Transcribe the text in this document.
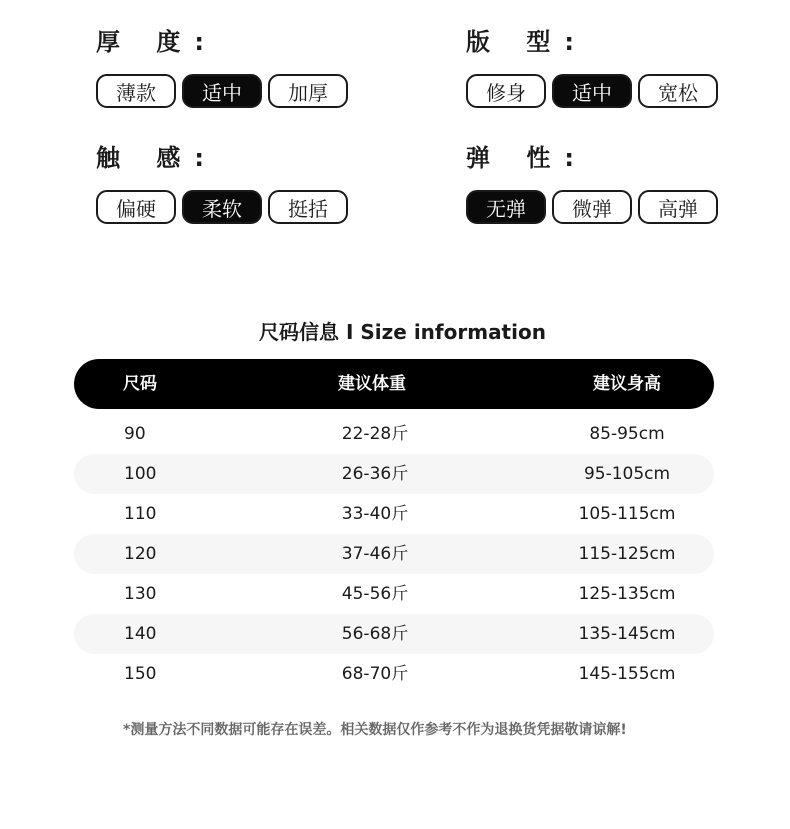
厚 度:
薄款	适中	加厚
版 型:
修身	适中	宽松
触 感:
偏硬	柔软	挺括
弹 性:
无弹	微弹	高弹
尺码信息 I Size information
尺码	建议体重	建议身高
90	22-28斤	85-95cm
100	26-36斤	95-105cm
110	33-40斤	105-115cm
120	37-46斤	115-125cm
130	45-56斤	125-135cm
140	56-68斤	135-145cm
150	68-70斤	145-155cm
*测量方法不同数据可能存在误差。相关数据仅作参考不作为退换货凭据敬请谅解!
